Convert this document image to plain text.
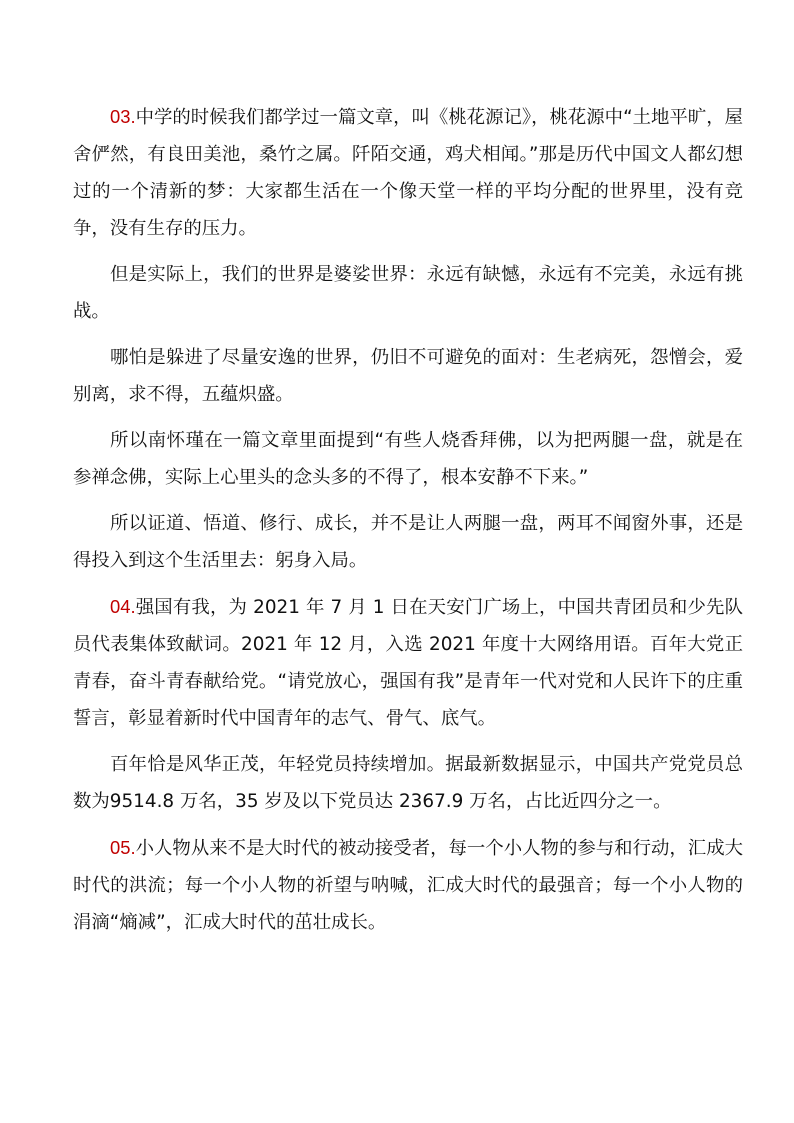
03.中学的时候我们都学过一篇文章，叫《桃花源记》，桃花源中“土地平旷，屋舍俨然，有良田美池，桑竹之属。阡陌交通，鸡犬相闻。”那是历代中国文人都幻想过的一个清新的梦：大家都生活在一个像天堂一样的平均分配的世界里，没有竞争，没有生存的压力。

但是实际上，我们的世界是婆娑世界：永远有缺憾，永远有不完美，永远有挑战。

哪怕是躲进了尽量安逸的世界，仍旧不可避免的面对：生老病死，怨憎会，爱别离，求不得，五蕴炽盛。

所以南怀瑾在一篇文章里面提到“有些人烧香拜佛，以为把两腿一盘，就是在参禅念佛，实际上心里头的念头多的不得了，根本安静不下来。”

所以证道、悟道、修行、成长，并不是让人两腿一盘，两耳不闻窗外事，还是得投入到这个生活里去：躬身入局。

04.强国有我，为 2021 年 7 月 1 日在天安门广场上，中国共青团员和少先队员代表集体致献词。2021 年 12 月，入选 2021 年度十大网络用语。百年大党正青春，奋斗青春献给党。“请党放心，强国有我”是青年一代对党和人民许下的庄重誓言，彰显着新时代中国青年的志气、骨气、底气。

百年恰是风华正茂，年轻党员持续增加。据最新数据显示，中国共产党党员总数为9514.8 万名，35 岁及以下党员达 2367.9 万名，占比近四分之一。

05.小人物从来不是大时代的被动接受者，每一个小人物的参与和行动，汇成大时代的洪流；每一个小人物的祈望与呐喊，汇成大时代的最强音；每一个小人物的涓滴“熵减”，汇成大时代的茁壮成长。
